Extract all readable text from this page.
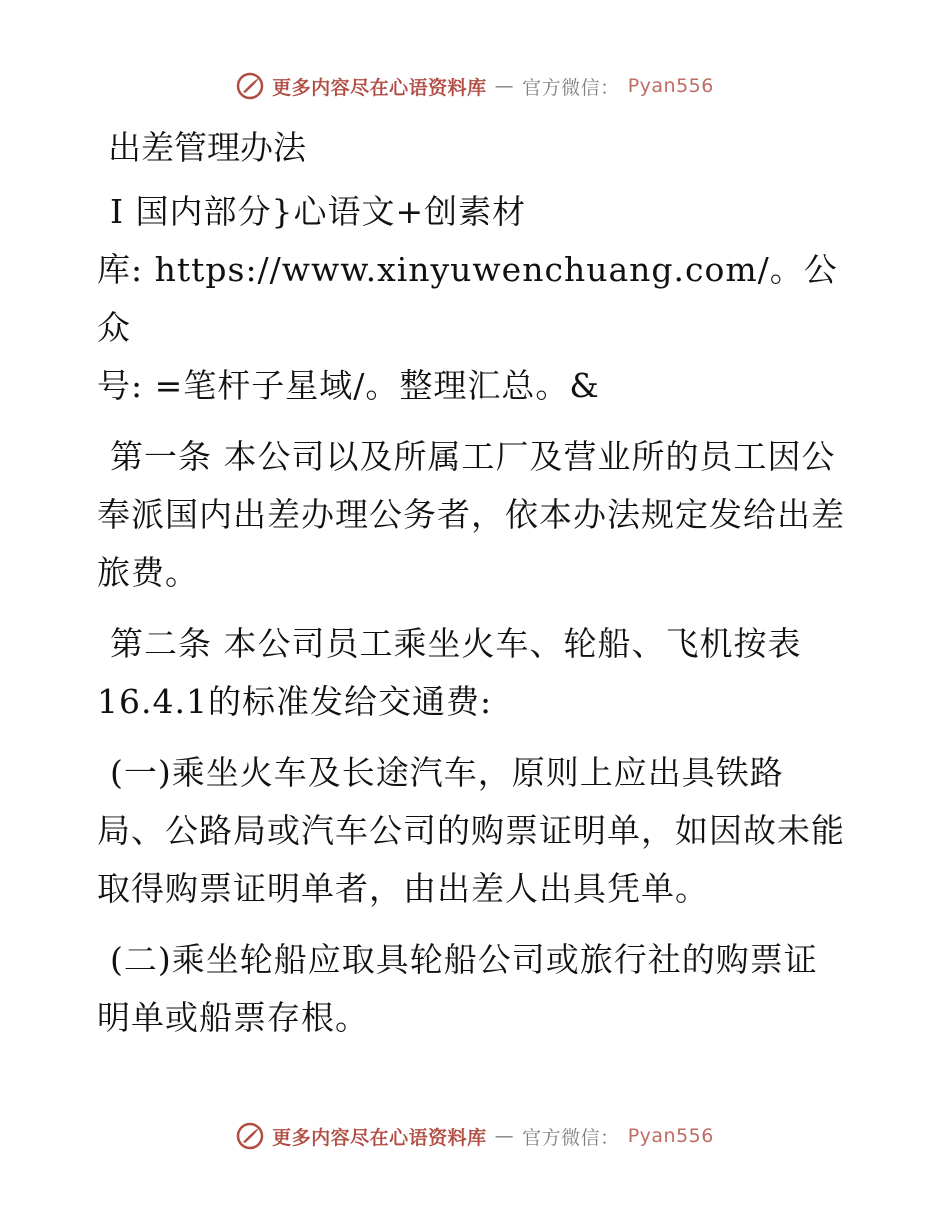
更多内容尽在心语资料库 — 官方微信： Pyan556
出差管理办法
Ⅰ 国内部分}心语文+创素材
库: https://www.xinyuwenchuang.com/。公众
号: =笔杆子星域/。整理汇总。&
第一条 本公司以及所属工厂及营业所的员工因公
奉派国内出差办理公务者，依本办法规定发给出差
旅费。
第二条 本公司员工乘坐火车、轮船、飞机按表
16.4.1的标准发给交通费:
(一)乘坐火车及长途汽车，原则上应出具铁路
局、公路局或汽车公司的购票证明单，如因故未能
取得购票证明单者，由出差人出具凭单。
(二)乘坐轮船应取具轮船公司或旅行社的购票证
明单或船票存根。
更多内容尽在心语资料库 — 官方微信： Pyan556
